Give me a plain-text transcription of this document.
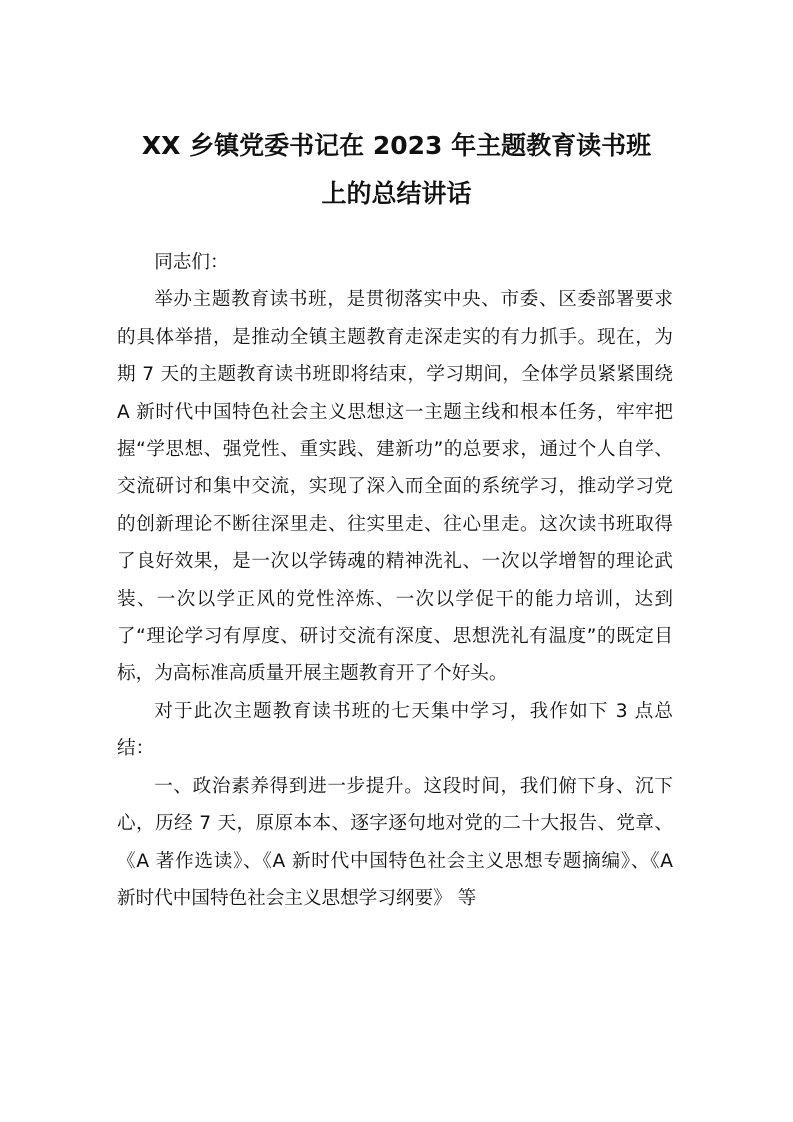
XX 乡镇党委书记在 2023 年主题教育读书班
上的总结讲话

同志们：

举办主题教育读书班，是贯彻落实中央、市委、区委部署要求的具体举措，是推动全镇主题教育走深走实的有力抓手。现在，为期 7 天的主题教育读书班即将结束，学习期间，全体学员紧紧围绕 A 新时代中国特色社会主义思想这一主题主线和根本任务，牢牢把握“学思想、强党性、重实践、建新功”的总要求，通过个人自学、交流研讨和集中交流，实现了深入而全面的系统学习，推动学习党的创新理论不断往深里走、往实里走、往心里走。这次读书班取得了良好效果，是一次以学铸魂的精神洗礼、一次以学增智的理论武装、一次以学正风的党性淬炼、一次以学促干的能力培训，达到了“理论学习有厚度、研讨交流有深度、思想洗礼有温度”的既定目标，为高标准高质量开展主题教育开了个好头。

对于此次主题教育读书班的七天集中学习，我作如下 3 点总结：

一、政治素养得到进一步提升。这段时间，我们俯下身、沉下心，历经 7 天，原原本本、逐字逐句地对党的二十大报告、党章、《A 著作选读》、《A 新时代中国特色社会主义思想专题摘编》、《A 新时代中国特色社会主义思想学习纲要》 等
